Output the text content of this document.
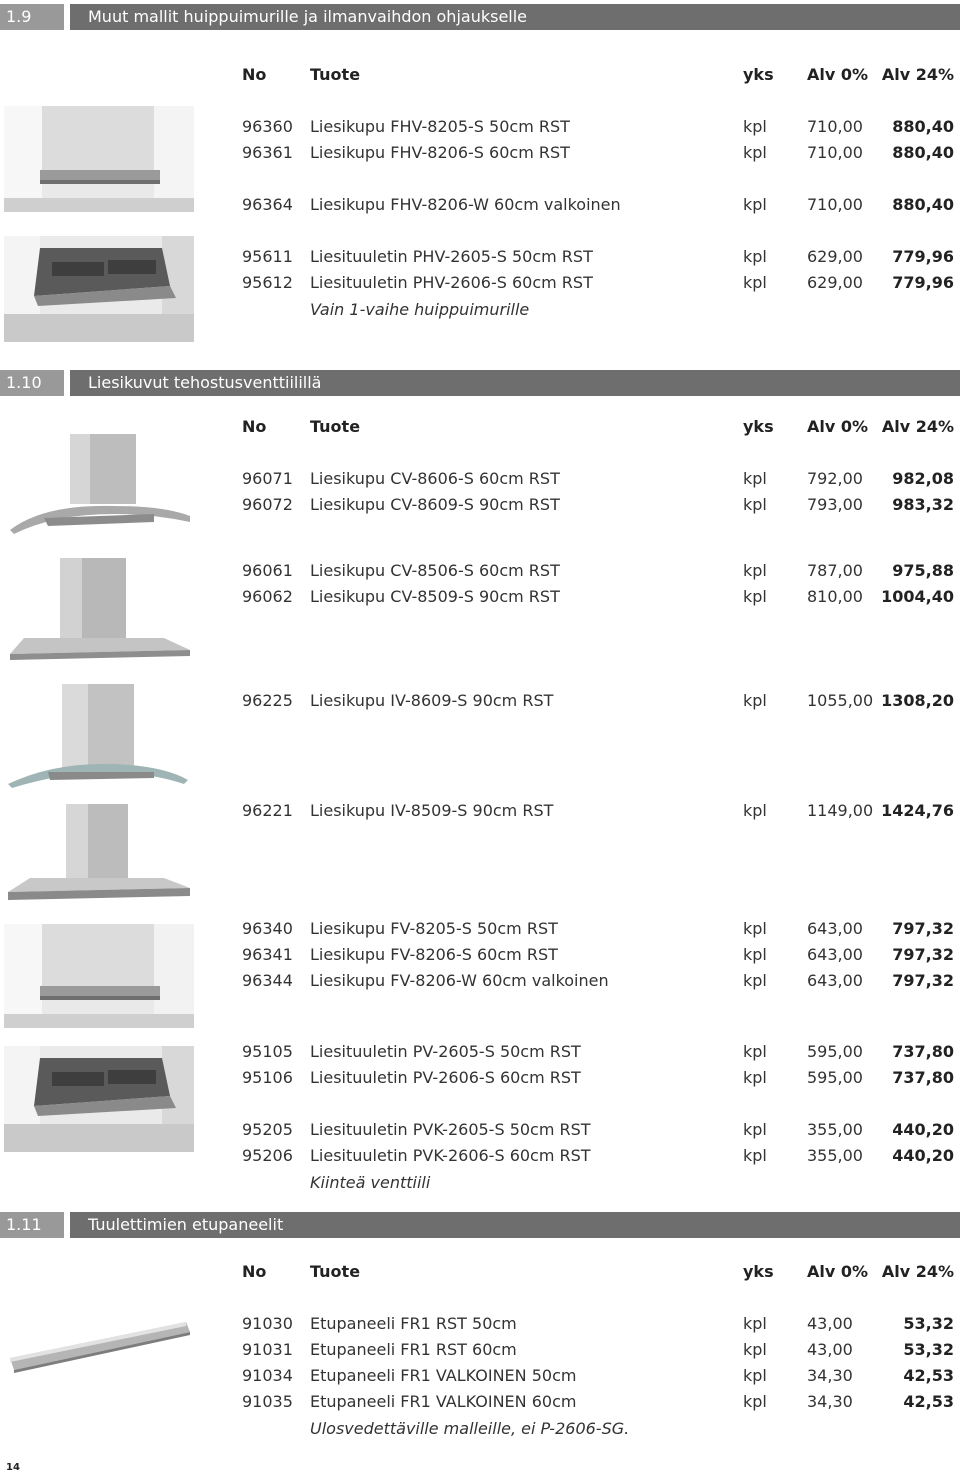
1.9	Muut mallit huippuimurille ja ilmanvaihdon ohjaukselle
No	Tuote	yks Alv 0% Alv 24%
96360 Liesikupu FHV-8205-S 50cm RST	kpl	710,00 880,40
96361 Liesikupu FHV-8206-S 60cm RST	kpl	710,00 880,40
96364 Liesikupu FHV-8206-W 60cm valkoinen	kpl	710,00 880,40
95611 Liesituuletin PHV-2605-S 50cm RST	kpl	629,00 779,96
95612 Liesituuletin PHV-2606-S 60cm RST	kpl	629,00 779,96
Vain 1-vaihe huippuimurille
1.10	Liesikuvut tehostusventtiilillä
No	Tuote	yks Alv 0% Alv 24%
96071 Liesikupu CV-8606-S 60cm RST	kpl	792,00 982,08
96072 Liesikupu CV-8609-S 90cm RST	kpl	793,00 983,32
96061 Liesikupu CV-8506-S 60cm RST	kpl	787,00 975,88
96062 Liesikupu CV-8509-S 90cm RST	kpl	810,00 1004,40
96225 Liesikupu IV-8609-S 90cm RST	kpl	1055,00 1308,20
96221 Liesikupu IV-8509-S 90cm RST	kpl	1149,00 1424,76
96340 Liesikupu FV-8205-S 50cm RST	kpl	643,00 797,32
96341 Liesikupu FV-8206-S 60cm RST	kpl	643,00 797,32
96344 Liesikupu FV-8206-W 60cm valkoinen	kpl	643,00 797,32
95105 Liesituuletin PV-2605-S 50cm RST	kpl	595,00 737,80
95106 Liesituuletin PV-2606-S 60cm RST	kpl	595,00 737,80
95205 Liesituuletin PVK-2605-S 50cm RST	kpl	355,00 440,20
95206 Liesituuletin PVK-2606-S 60cm RST	kpl	355,00 440,20
Kiinteä venttiili
1.11	Tuulettimien etupaneelit
No	Tuote	yks Alv 0% Alv 24%
91030 Etupaneeli FR1 RST 50cm	kpl	43,00	53,32
91031 Etupaneeli FR1 RST 60cm	kpl	43,00	53,32
91034 Etupaneeli FR1 VALKOINEN 50cm	kpl	34,30	42,53
91035 Etupaneeli FR1 VALKOINEN 60cm	kpl	34,30	42,53
Ulosvedettäville malleille, ei P-2606-SG.
14
